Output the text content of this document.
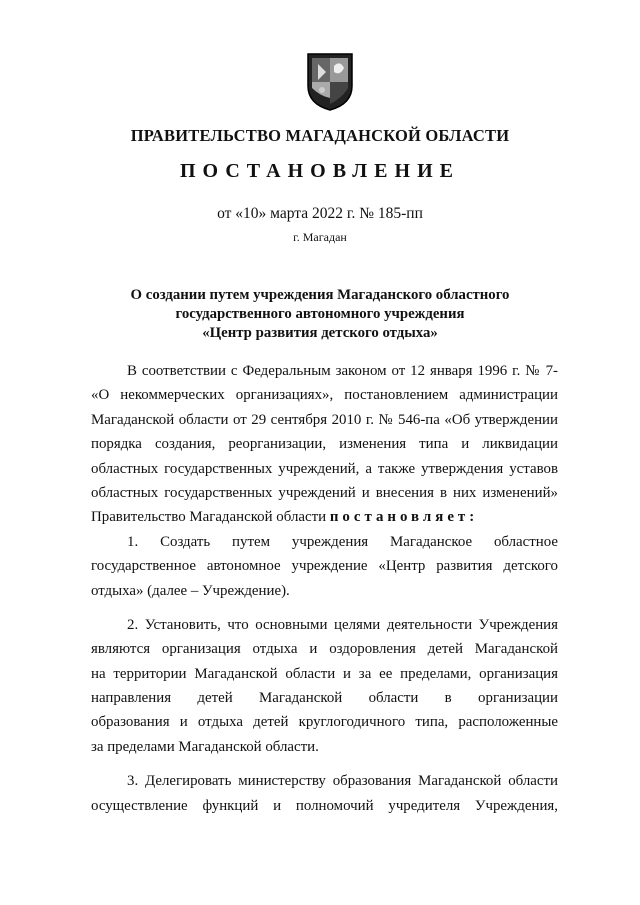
ПРАВИТЕЛЬСТВО МАГАДАНСКОЙ ОБЛАСТИ
ПОСТАНОВЛЕНИЕ
от «10» марта 2022 г. № 185-пп
г. Магадан
О создании путем учреждения Магаданского областного
государственного автономного учреждения
«Центр развития детского отдыха»
В соответствии с Федеральным законом от 12 января 1996 г. № 7-
«О некоммерческих организациях», постановлением администрации
Магаданской области от 29 сентября 2010 г. № 546-па «Об утверждении
порядка создания, реорганизации, изменения типа и ликвидации
областных государственных учреждений, а также утверждения уставов
областных государственных учреждений и внесения в них изменений»
Правительство Магаданской области постановляет:
1. Создать путем учреждения Магаданское областное
государственное автономное учреждение «Центр развития детского
отдыха» (далее – Учреждение).
2. Установить, что основными целями деятельности Учреждения
являются организация отдыха и оздоровления детей Магаданской
на территории Магаданской области и за ее пределами, организация
направления детей Магаданской области в организации
образования и отдыха детей круглогодичного типа, расположенные
за пределами Магаданской области.
3. Делегировать министерству образования Магаданской области
осуществление функций и полномочий учредителя Учреждения,
